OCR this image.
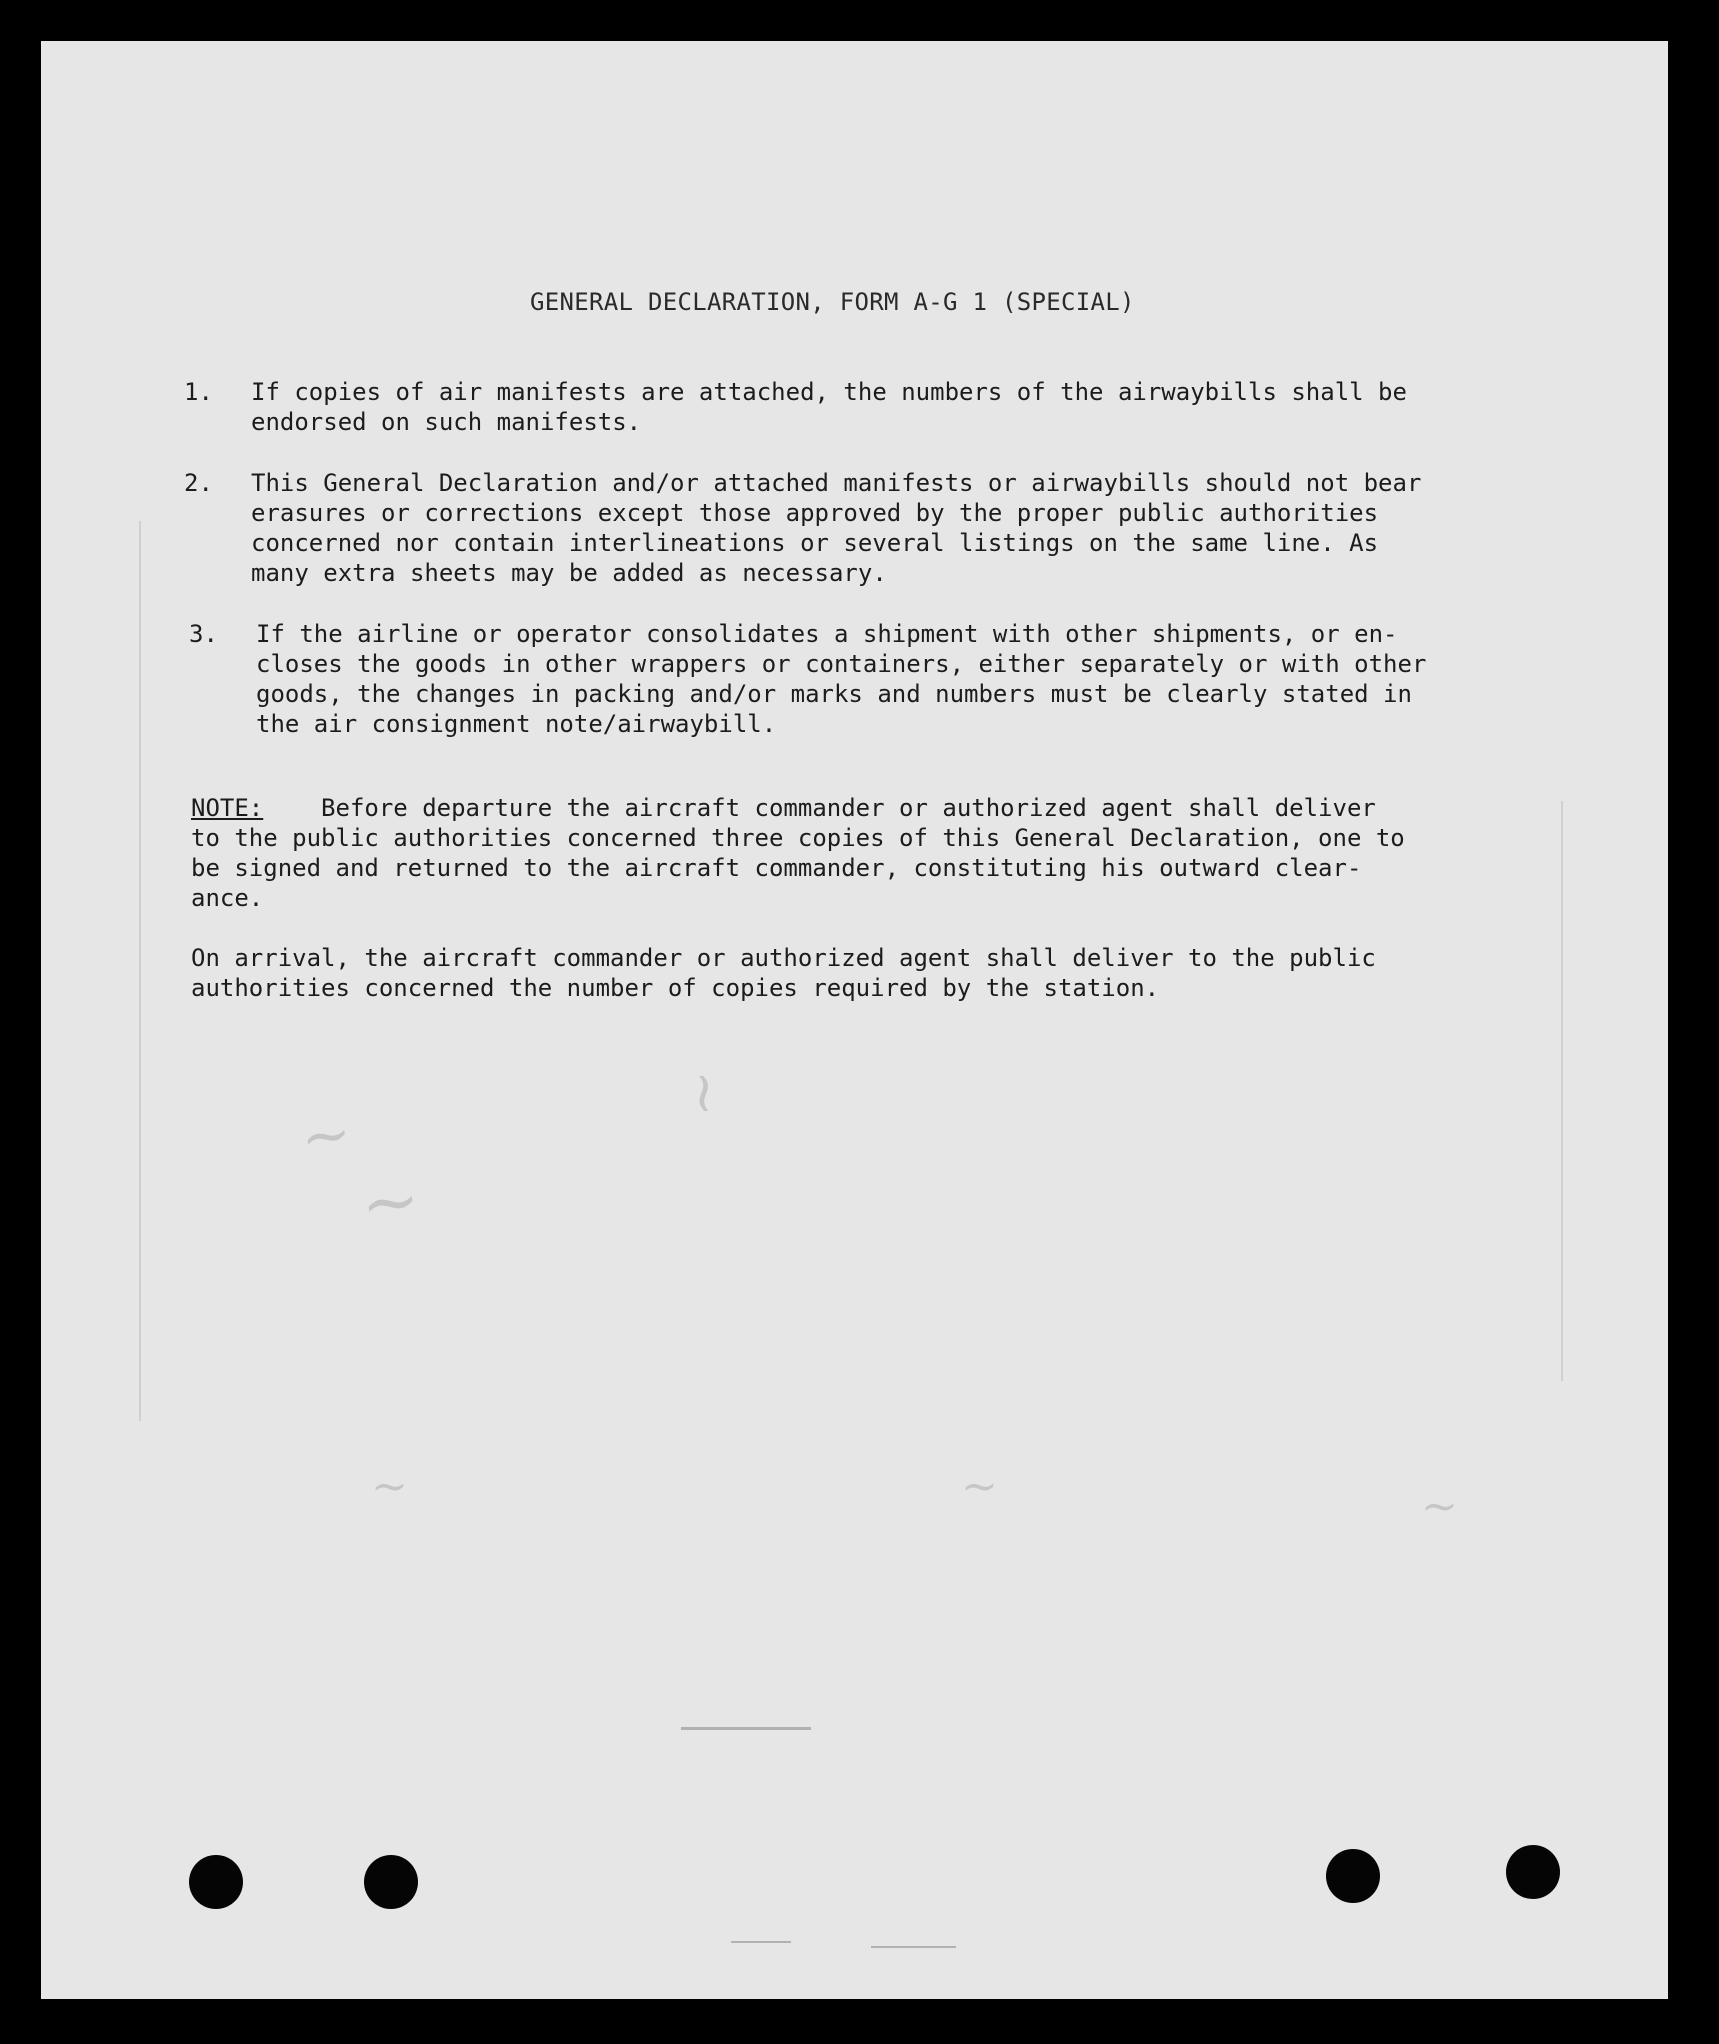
~
~
~
~	~	~
GENERAL DECLARATION, FORM A-G 1 (SPECIAL)
1. If copies of air manifests are attached, the numbers of the airwaybills shall be
endorsed on such manifests.
2. This General Declaration and/or attached manifests or airwaybills should not bear
erasures or corrections except those approved by the proper public authorities
concerned nor contain interlineations or several listings on the same line. As
many extra sheets may be added as necessary.
3. If the airline or operator consolidates a shipment with other shipments, or en-
closes the goods in other wrappers or containers, either separately or with other
goods, the changes in packing and/or marks and numbers must be clearly stated in
the air consignment note/airwaybill.
NOTE: Before departure the aircraft commander or authorized agent shall deliver
to the public authorities concerned three copies of this General Declaration, one to
be signed and returned to the aircraft commander, constituting his outward clear-
ance.
On arrival, the aircraft commander or authorized agent shall deliver to the public
authorities concerned the number of copies required by the station.
